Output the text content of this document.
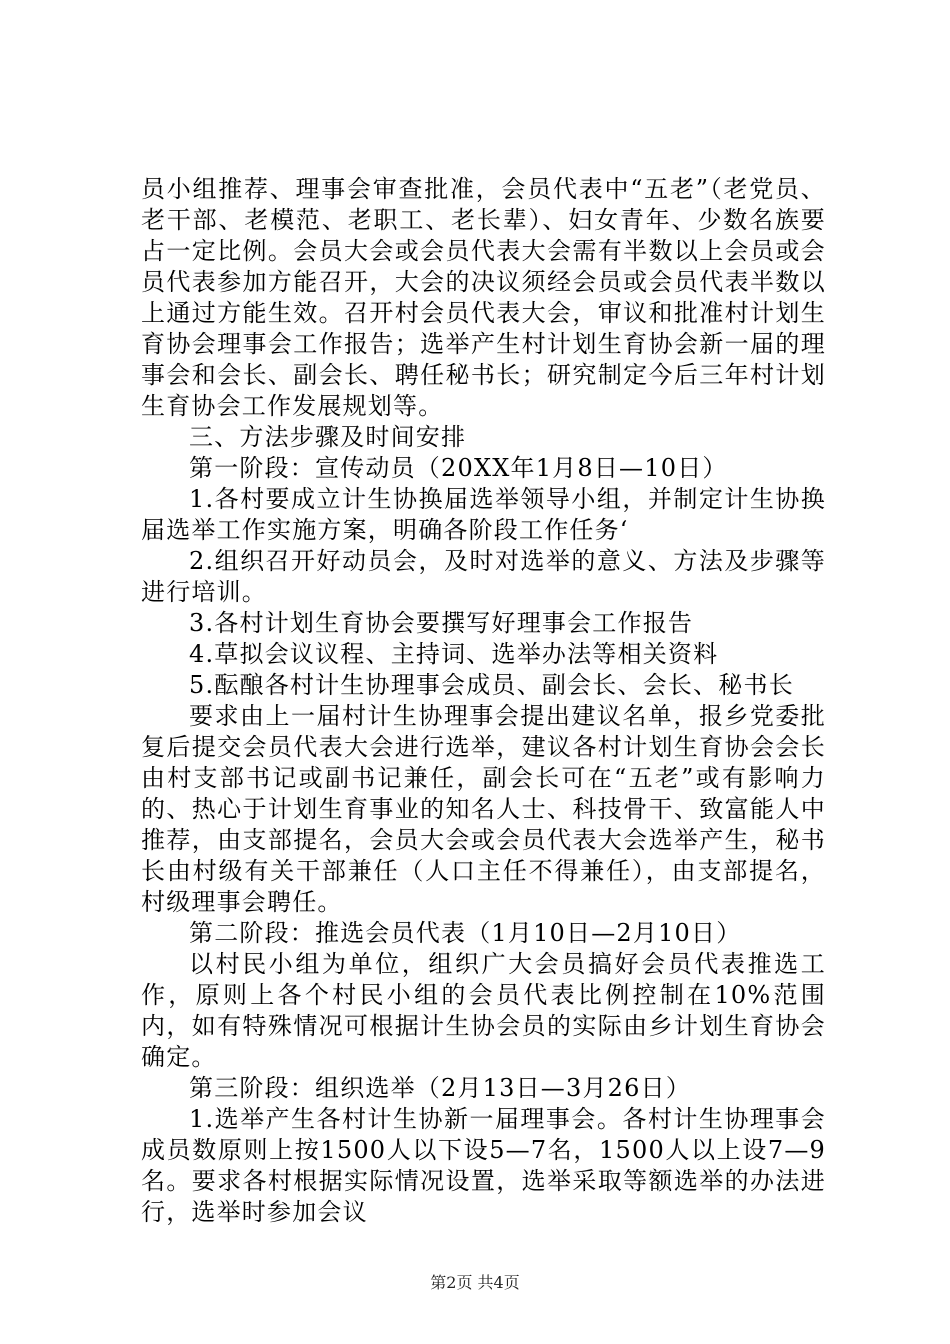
员小组推荐、理事会审查批准，会员代表中“五老”（老党员、老干部、老模范、老职工、老长辈）、妇女青年、少数名族要占一定比例。会员大会或会员代表大会需有半数以上会员或会员代表参加方能召开，大会的决议须经会员或会员代表半数以上通过方能生效。召开村会员代表大会，审议和批准村计划生育协会理事会工作报告；选举产生村计划生育协会新一届的理事会和会长、副会长、聘任秘书长；研究制定今后三年村计划生育协会工作发展规划等。

三、方法步骤及时间安排

第一阶段：宣传动员（20XX年1月8日—10日）

1.各村要成立计生协换届选举领导小组，并制定计生协换届选举工作实施方案，明确各阶段工作任务‘

2.组织召开好动员会，及时对选举的意义、方法及步骤等进行培训。

3.各村计划生育协会要撰写好理事会工作报告

4.草拟会议议程、主持词、选举办法等相关资料

5.酝酿各村计生协理事会成员、副会长、会长、秘书长

要求由上一届村计生协理事会提出建议名单，报乡党委批复后提交会员代表大会进行选举，建议各村计划生育协会会长由村支部书记或副书记兼任，副会长可在“五老”或有影响力的、热心于计划生育事业的知名人士、科技骨干、致富能人中推荐，由支部提名，会员大会或会员代表大会选举产生，秘书长由村级有关干部兼任（人口主任不得兼任），由支部提名，村级理事会聘任。

第二阶段：推选会员代表（1月10日—2月10日）

以村民小组为单位，组织广大会员搞好会员代表推选工作，原则上各个村民小组的会员代表比例控制在10%范围内，如有特殊情况可根据计生协会员的实际由乡计划生育协会确定。

第三阶段：组织选举（2月13日—3月26日）

1.选举产生各村计生协新一届理事会。各村计生协理事会成员数原则上按1500人以下设5—7名，1500人以上设7—9名。要求各村根据实际情况设置，选举采取等额选举的办法进行，选举时参加会议

第2页 共4页
